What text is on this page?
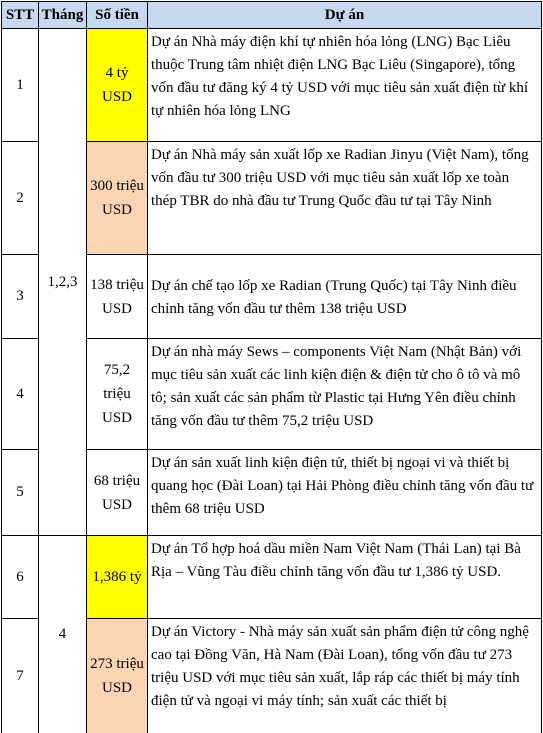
STT	Tháng	Số tiền	Dự án
1	1,2,3	4 tỷ USD	Dự án Nhà máy điện khí tự nhiên hóa lỏng (LNG) Bạc Liêu thuộc Trung tâm nhiệt điện LNG Bạc Liêu (Singapore), tổng vốn đầu tư đăng ký 4 tỷ USD với mục tiêu sản xuất điện từ khí tự nhiên hóa lỏng LNG
2		300 triệu USD	Dự án Nhà máy sản xuất lốp xe Radian Jinyu (Việt Nam), tổng vốn đầu tư 300 triệu USD với mục tiêu sản xuất lốp xe toàn thép TBR do nhà đầu tư Trung Quốc đầu tư tại Tây Ninh
3		138 triệu USD	Dự án chế tạo lốp xe Radian (Trung Quốc) tại Tây Ninh điều chỉnh tăng vốn đầu tư thêm 138 triệu USD
4		75,2 triệu USD	Dự án nhà máy Sews – components Việt Nam (Nhật Bản) với mục tiêu sản xuất các linh kiện điện & điện tử cho ô tô và mô tô; sản xuất các sản phẩm từ Plastic tại Hưng Yên điều chỉnh tăng vốn đầu tư thêm 75,2 triệu USD
5		68 triệu USD	Dự án sản xuất linh kiện điện tử, thiết bị ngoại vi và thiết bị quang học (Đài Loan) tại Hải Phòng điều chỉnh tăng vốn đầu tư thêm 68 triệu USD
6	4	1,386 tỷ	Dự án Tổ hợp hoá dầu miền Nam Việt Nam (Thái Lan) tại Bà Rịa – Vũng Tàu điều chỉnh tăng vốn đầu tư 1,386 tỷ USD.
7		273 triệu USD	Dự án Victory - Nhà máy sản xuất sản phẩm điện tử công nghệ cao tại Đồng Văn, Hà Nam (Đài Loan), tổng vốn đầu tư 273 triệu USD với mục tiêu sản xuất, lắp ráp các thiết bị máy tính điện tử và ngoại vi máy tính; sản xuất các thiết bị
